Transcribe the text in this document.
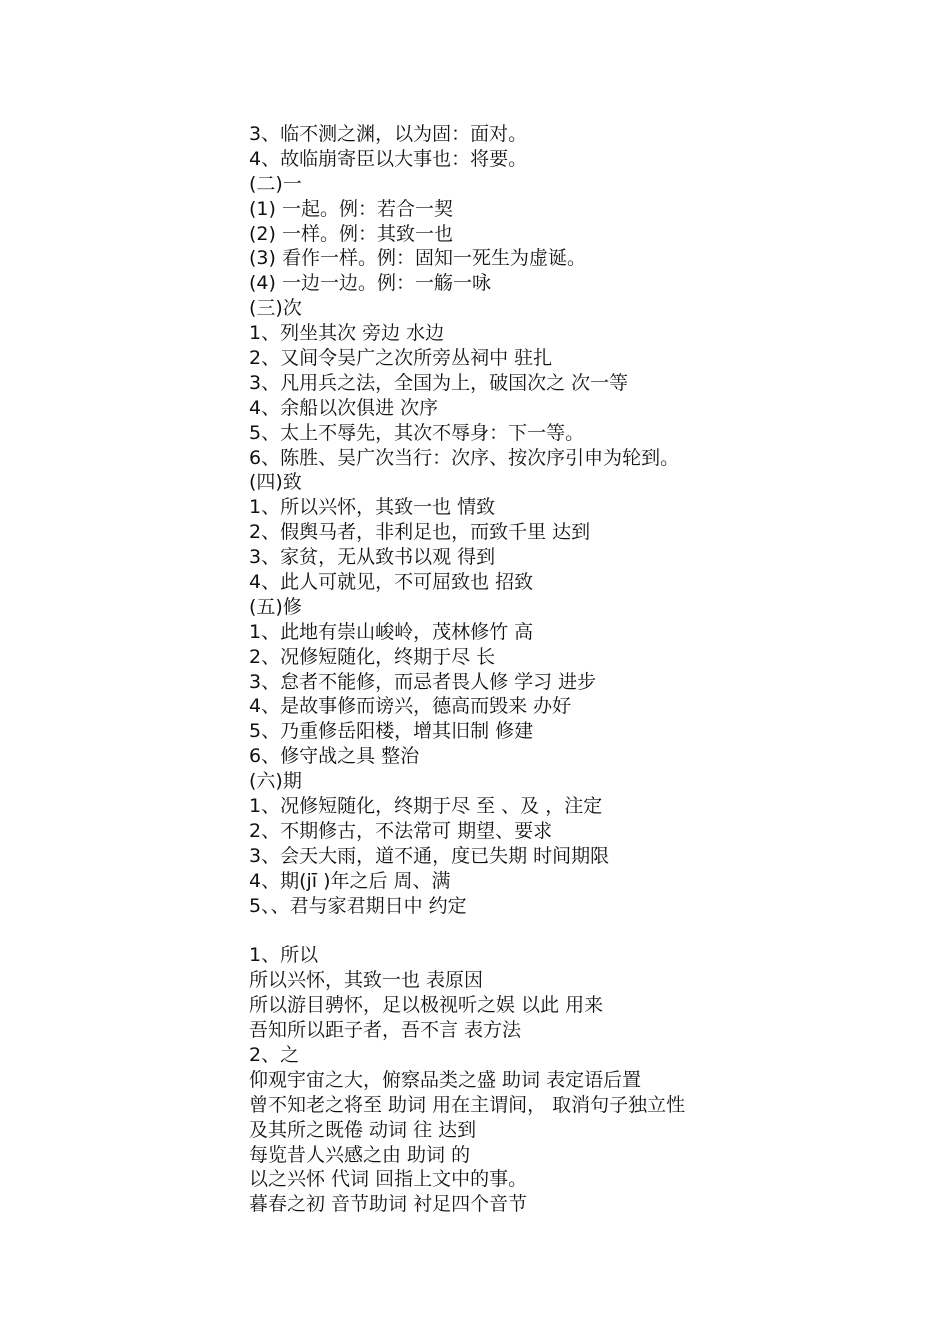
3、临不测之渊，以为固：面对。
4、故临崩寄臣以大事也：将要。
(二)一
(1) 一起。例：若合一契
(2) 一样。例：其致一也
(3) 看作一样。例：固知一死生为虚诞。
(4) 一边一边。例：一觞一咏
(三)次
1、列坐其次 旁边 水边
2、又间令吴广之次所旁丛祠中 驻扎
3、凡用兵之法，全国为上，破国次之 次一等
4、余船以次俱进 次序
5、太上不辱先，其次不辱身：下一等。
6、陈胜、吴广次当行：次序、按次序引申为轮到。
(四)致
1、所以兴怀，其致一也 情致
2、假舆马者，非利足也，而致千里 达到
3、家贫，无从致书以观 得到
4、此人可就见，不可屈致也 招致
(五)修
1、此地有崇山峻岭，茂林修竹 高
2、况修短随化，终期于尽 长
3、怠者不能修，而忌者畏人修 学习 进步
4、是故事修而谤兴，德高而毁来 办好
5、乃重修岳阳楼，增其旧制 修建
6、修守战之具 整治
(六)期
1、况修短随化，终期于尽 至 、及 ，注定
2、不期修古，不法常可 期望、要求
3、会天大雨，道不通，度已失期 时间期限
4、期(jī )年之后 周、满
5、、君与家君期日中 约定
1、所以
所以兴怀，其致一也 表原因
所以游目骋怀，足以极视听之娱 以此 用来
吾知所以距子者，吾不言 表方法
2、之
仰观宇宙之大，俯察品类之盛 助词 表定语后置
曾不知老之将至 助词 用在主谓间， 取消句子独立性
及其所之既倦 动词 往 达到
每览昔人兴感之由 助词 的
以之兴怀 代词 回指上文中的事。
暮春之初 音节助词 衬足四个音节
